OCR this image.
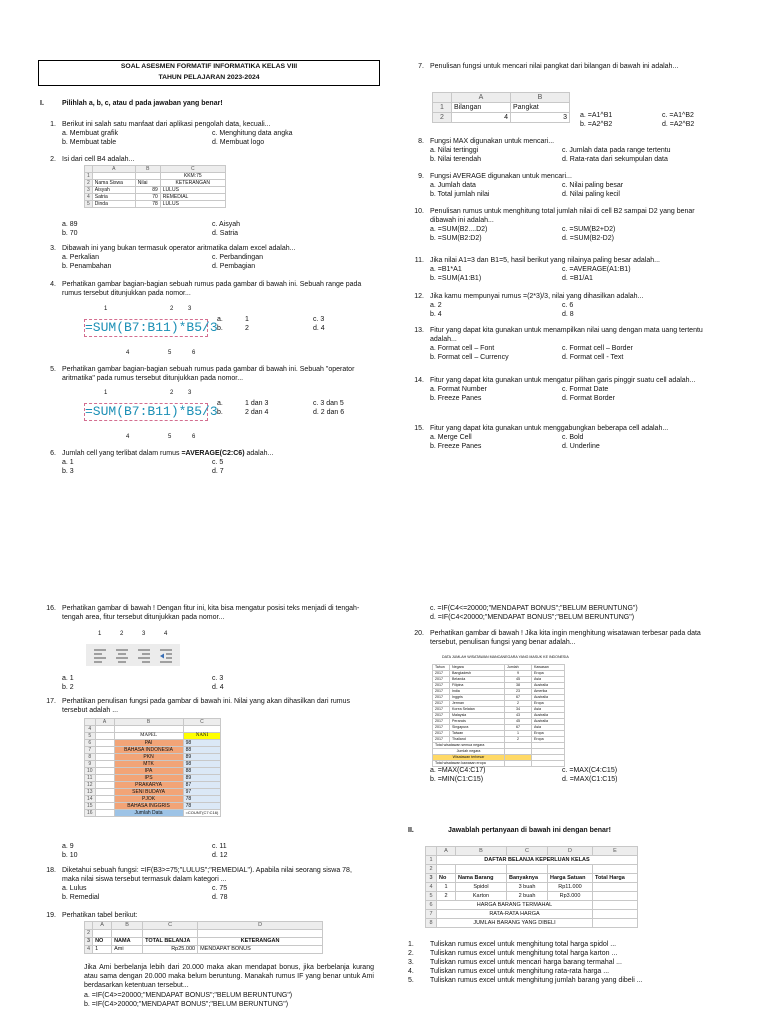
SOAL ASESMEN FORMATIF INFORMATIKA KELAS VIII
TAHUN PELAJARAN 2023-2024
I.	Pilihlah a, b, c, atau d pada jawaban yang benar!
1. Berikut ini salah satu manfaat dari aplikasi pengolah data, kecuali...
a. Membuat grafik	c. Menghitung data angka
b. Membuat table	d. Membuat logo
2. Isi dari cell B4 adalah...
	A	B	C
1			KKM:75
2	Nama Siswa	Nilai	KETERANGAN
3	Aisyah	89	LULUS
4	Satria	70	REMEDIAL
5	Dinda	78	LULUS
a. 89	c. Aisyah
b. 70	d. Satria
3. Dibawah ini yang bukan termasuk operator aritmatika dalam excel adalah...
a. Perkalian	c. Perbandingan
b. Penambahan	d. Pembagian
4. Perhatikan gambar bagian-bagian sebuah rumus pada gambar di bawah ini. Sebuah range pada rumus tersebut ditunjukkan pada nomor...
1	2 3
=SUM(B7:B11)*B5/3
4	5	6
a.	1	c. 3
b.	2	d. 4
5. Perhatikan gambar bagian-bagian sebuah rumus pada gambar di bawah ini. Sebuah "operator aritmatika" pada rumus tersebut ditunjukkan pada nomor...
1	2 3
=SUM(B7:B11)*B5/3
4	5	6
a.	1 dan 3	c. 3 dan 5
b.	2 dan 4	d. 2 dan 6
6. Jumlah cell yang terlibat dalam rumus =AVERAGE(C2:C6) adalah...
a. 1	c. 5
b. 3	d. 7
7. Penulisan fungsi untuk mencari nilai pangkat dari bilangan di bawah ini adalah...
	A	B
1	Bilangan	Pangkat
2	4	3 a. =A1^B1	c. =A1^B2
b. =A2^B2	d. =A2^B2
8. Fungsi MAX digunakan untuk mencari...
a. Nilai tertinggi	c. Jumlah data pada range tertentu
b. Nilai terendah	d. Rata-rata dari sekumpulan data
9. Fungsi AVERAGE digunakan untuk mencari...
a. Jumlah data	c. Nilai paling besar
b. Total jumlah nilai	d. Nilai paling kecil
10. Penulisan rumus untuk menghitung total jumlah nilai di cell B2 sampai D2 yang benar dibawah ini adalah...
a. =SUM(B2....D2)	c. =SUM(B2+D2)
b. =SUM(B2:D2)	d. =SUM(B2-D2)
11. Jika nilai A1=3 dan B1=5, hasil berikut yang nilainya paling besar adalah...
a. =B1*A1	c. =AVERAGE(A1:B1)
b. =SUM(A1:B1)	d. =B1/A1
12. Jika kamu mempunyai rumus =(2*3)/3, nilai yang dihasilkan adalah...
a. 2	c. 6
b. 4	d. 8
13. Fitur yang dapat kita gunakan untuk menampilkan nilai uang dengan mata uang tertentu adalah...
a. Format cell – Font	c. Format cell – Border
b. Format cell – Currency	d. Format cell - Text
14. Fitur yang dapat kita gunakan untuk mengatur pilihan garis pinggir suatu cell adalah...
a. Format Number	c. Format Date
b. Freeze Panes	d. Format Border
15. Fitur yang dapat kita gunakan untuk menggabungkan beberapa cell adalah...
a. Merge Cell	c. Bold
b. Freeze Panes	d. Underline
16. Perhatikan gambar di bawah ! Dengan fitur ini, kita bisa mengatur posisi teks menjadi di tengah-tengah area, fitur tersebut ditunjukkan pada nomor...
1	2	3	4
a. 1	c. 3
b. 2	d. 4
17. Perhatikan penulisan fungsi pada gambar di bawah ini. Nilai yang akan dihasilkan dari rumus tersebut adalah ...
	A	B	C
4			
5		MAPEL	NANI
6		PAI	98
7		BAHASA INDONESIA	88
8		PKN	89
9		MTK	98
10		IPA	88
11		IPS	89
12		PRAKARYA	87
13		SENI BUDAYA	97
14		PJOK	78
15		BAHASA INGGRIS	78
16		Jumlah Data	=COUNT(C7:C16)
a. 9	c. 11
b. 10	d. 12
18. Diketahui sebuah fungsi: =IF(B3>=75;"LULUS";"REMEDIAL"). Apabila nilai seorang siswa 78, maka nilai siswa tersebut termasuk dalam kategori ...
a. Lulus	c. 75
b. Remedial	d. 78
19. Perhatikan tabel berikut:
	A	B	C	D
2				
3	NO	NAMA	TOTAL BELANJA	KETERANGAN
4	1	Ami	Rp25.000	MENDAPAT BONUS
Jika Ami berbelanja lebih dari 20.000 maka akan mendapat bonus, jika berbelanja kurang atau sama dengan 20.000 maka belum beruntung. Manakah rumus IF yang benar untuk Ami berdasarkan ketentuan tersebut...
a. =IF(C4>=20000;"MENDAPAT BONUS";"BELUM BERUNTUNG")
b. =IF(C4>20000;"MENDAPAT BONUS";"BELUM BERUNTUNG")
c. =IF(C4<=20000;"MENDAPAT BONUS";"BELUM BERUNTUNG")
d. =IF(C4<20000;"MENDAPAT BONUS";"BELUM BERUNTUNG")
20. Perhatikan gambar di bawah ! Jika kita ingin menghitung wisatawan terbesar pada data tersebut, penulisan fungsi yang benar adalah...
DATA JUMLAH WISATAWAN MANCANEGARA YANG MASUK KE INDONESIA
Tahun	Negara	Jumlah	Kawasan
2017	Bangladesh	9	Eropa
2017	Belanda	45	Asia
2017	Filipina	38	Australia
2017	India	23	Amerika
2017	Inggris	67	Australia
2017	Jerman	2	Eropa
2017	Korea Selatan	34	Asia
2017	Malaysia	43	Australia
2017	Perancis	45	Australia
2017	Singapura	67	Asia
2017	Taiwan	1	Eropa
2017	Thailand	2	Eropa
Total wisatawan semua negara			
Jumlah negara			
Wisatawan terbesar			
Total wisatawan kawasan eropa			
a. =MAX(C4:C17)	c. =MAX(C4:C15)
b. =MIN(C1:C15)	d. =MAX(C1:C15)
II.	Jawablah pertanyaan di bawah ini dengan benar!
	A	B	C	D	E
1	DAFTAR BELANJA KEPERLUAN KELAS				
2					
3	No	Nama Barang	Banyaknya	Harga Satuan	Total Harga
4	1	Spidol	3 buah	Rp11.000	
5	2	Karton	2 buah	Rp3.000	
6	HARGA BARANG TERMAHAL				
7	RATA-RATA HARGA				
8	JUMLAH BARANG YANG DIBELI				
1. Tuliskan rumus excel untuk menghitung total harga spidol ...
2. Tuliskan rumus excel untuk menghitung total harga karton ...
3. Tuliskan rumus excel untuk mencari harga barang termahal ...
4. Tuliskan rumus excel untuk menghitung rata-rata harga ...
5. Tuliskan rumus excel untuk menghitung jumlah barang yang dibeli ...
